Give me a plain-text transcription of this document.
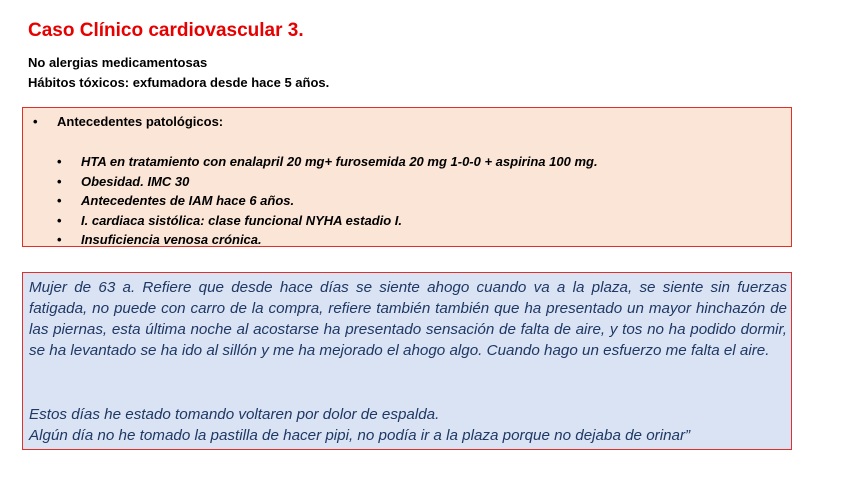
Caso Clínico cardiovascular 3.
No alergias medicamentosas
Hábitos tóxicos: exfumadora desde hace 5 años.
• Antecedentes patológicos:
• HTA en tratamiento con enalapril 20 mg+ furosemida 20 mg 1-0-0 + aspirina 100 mg.
• Obesidad. IMC 30
• Antecedentes de IAM hace 6 años.
• I. cardiaca sistólica: clase funcional NYHA estadio I.
• Insuficiencia venosa crónica.
Mujer de 63 a. Refiere que desde hace días se siente ahogo cuando va a la plaza, se siente sin fuerzas fatigada, no puede con carro de la compra, refiere también también que ha presentado un mayor hinchazón de las piernas, esta última noche al acostarse ha presentado sensación de falta de aire, y tos no ha podido dormir, se ha levantado se ha ido al sillón y me ha mejorado el ahogo algo. Cuando hago un esfuerzo me falta el aire.
Estos días he estado tomando voltaren por dolor de espalda.
Algún día no he tomado la pastilla de hacer pipi, no podía ir a la plaza porque no dejaba de orinar”
